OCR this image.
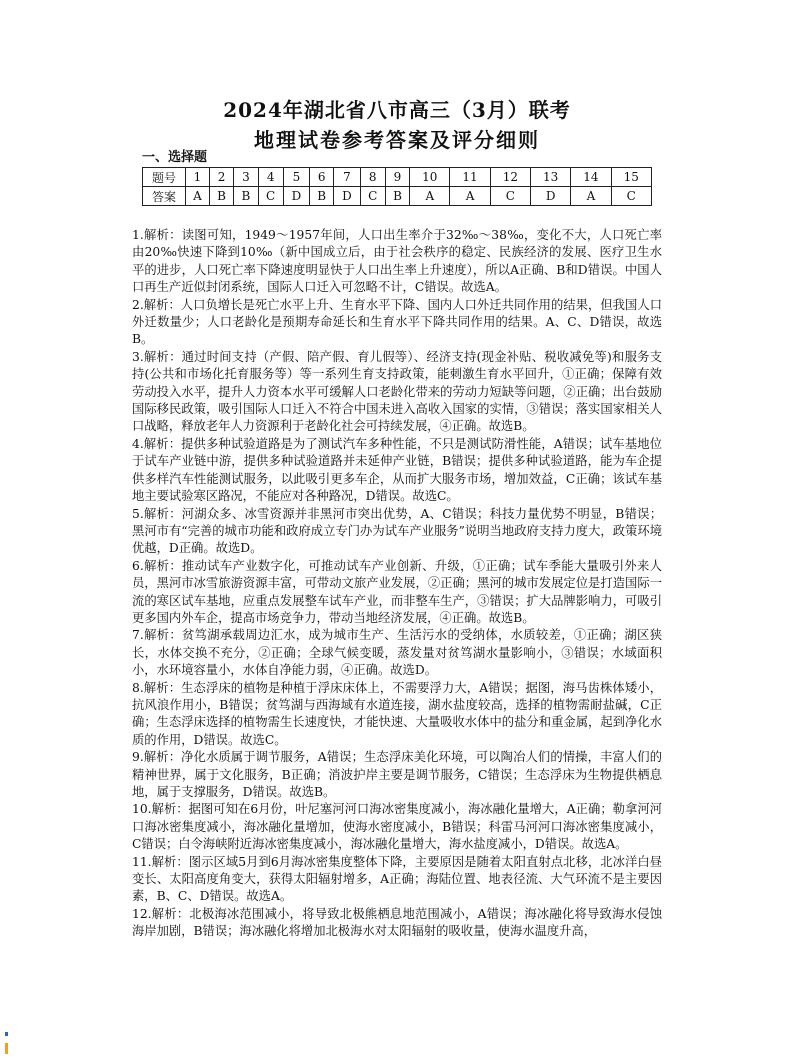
2024年湖北省八市高三（3月）联考
地理试卷参考答案及评分细则
一、选择题
题号	1	2	3	4	5	6	7	8	9	10	11	12	13	14	15
答案	A	B	B	C	D	B	D	C	B	A	A	C	D	A	C

1.解析：读图可知，1949～1957年间，人口出生率介于32‰～38‰，变化不大，人口死亡率由20‰快速下降到10‰（新中国成立后，由于社会秩序的稳定、民族经济的发展、医疗卫生水平的进步，人口死亡率下降速度明显快于人口出生率上升速度），所以A正确、B和D错误。中国人口再生产近似封闭系统，国际人口迁入可忽略不计，C错误。故选A。

2.解析：人口负增长是死亡水平上升、生育水平下降、国内人口外迁共同作用的结果，但我国人口外迁数量少；人口老龄化是预期寿命延长和生育水平下降共同作用的结果。A、C、D错误，故选B。

3.解析：通过时间支持（产假、陪产假、育儿假等）、经济支持(现金补贴、税收减免等)和服务支持(公共和市场化托育服务等）等一系列生育支持政策，能刺激生育水平回升，①正确；保障有效劳动投入水平，提升人力资本水平可缓解人口老龄化带来的劳动力短缺等问题，②正确；出台鼓励国际移民政策，吸引国际人口迁入不符合中国未进入高收入国家的实情，③错误；落实国家相关人口战略，释放老年人力资源利于老龄化社会可持续发展，④正确。故选B。

4.解析：提供多种试验道路是为了测试汽车多种性能，不只是测试防滑性能，A错误；试车基地位于试车产业链中游，提供多种试验道路并未延伸产业链，B错误；提供多种试验道路，能为车企提供多样汽车性能测试服务，以此吸引更多车企，从而扩大服务市场，增加效益，C正确；该试车基地主要试验寒区路况，不能应对各种路况，D错误。故选C。

5.解析：河湖众多、冰雪资源并非黑河市突出优势，A、C错误；科技力量优势不明显，B错误；黑河市有“完善的城市功能和政府成立专门办为试车产业服务”说明当地政府支持力度大，政策环境优越，D正确。故选D。

6.解析：推动试车产业数字化，可推动试车产业创新、升级，①正确；试车季能大量吸引外来人员，黑河市冰雪旅游资源丰富，可带动文旅产业发展，②正确；黑河的城市发展定位是打造国际一流的寒区试车基地，应重点发展整车试车产业，而非整车生产，③错误；扩大品牌影响力，可吸引更多国内外车企，提高市场竞争力，带动当地经济发展，④正确。故选B。

7.解析：贫笃湖承载周边汇水，成为城市生产、生活污水的受纳体，水质较差，①正确；湖区狭长，水体交换不充分，②正确；全球气候变暖，蒸发量对贫笃湖水量影响小，③错误；水域面积小，水环境容量小，水体自净能力弱，④正确。故选D。

8.解析：生态浮床的植物是种植于浮床床体上，不需要浮力大，A错误；据图，海马齿株体矮小，抗风浪作用小，B错误；贫笃湖与西海域有水道连接，湖水盐度较高，选择的植物需耐盐碱，C正确；生态浮床选择的植物需生长速度快，才能快速、大量吸收水体中的盐分和重金属，起到净化水质的作用，D错误。故选C。

9.解析：净化水质属于调节服务，A错误；生态浮床美化环境，可以陶冶人们的情操，丰富人们的精神世界，属于文化服务，B正确；消波护岸主要是调节服务，C错误；生态浮床为生物提供栖息地，属于支撑服务，D错误。故选B。

10.解析：据图可知在6月份，叶尼塞河河口海冰密集度减小，海冰融化量增大，A正确；勒拿河河口海冰密集度减小，海冰融化量增加，使海水密度减小，B错误；科雷马河河口海冰密集度减小，C错误；白令海峡附近海冰密集度减小，海冰融化量增大，海水盐度减小，D错误。故选A。

11.解析：图示区域5月到6月海冰密集度整体下降，主要原因是随着太阳直射点北移，北冰洋白昼变长、太阳高度角变大，获得太阳辐射增多，A正确；海陆位置、地表径流、大气环流不是主要因素，B、C、D错误。故选A。

12.解析：北极海冰范围减小，将导致北极熊栖息地范围减小，A错误；海冰融化将导致海水侵蚀海岸加剧，B错误；海冰融化将增加北极海水对太阳辐射的吸收量，使海水温度升高，
